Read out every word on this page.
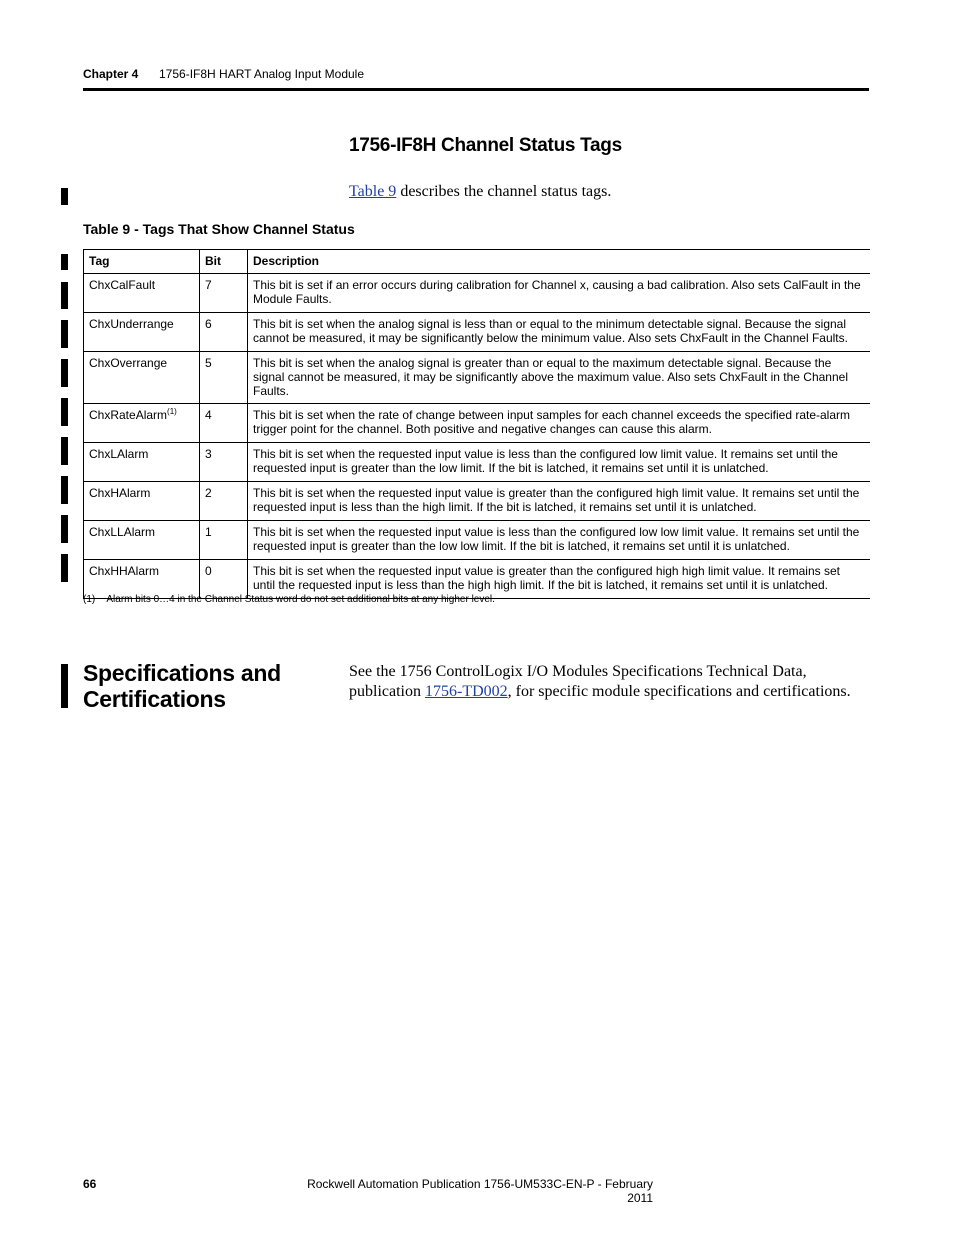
Chapter 4 1756-IF8H HART Analog Input Module
1756-IF8H Channel Status Tags
Table 9 describes the channel status tags.
Table 9 - Tags That Show Channel Status
Tag	Bit	Description
ChxCalFault	7	This bit is set if an error occurs during calibration for Channel x, causing a bad calibration. Also sets CalFault in the Module Faults.
ChxUnderrange	6	This bit is set when the analog signal is less than or equal to the minimum detectable signal. Because the signal cannot be measured, it may be significantly below the minimum value. Also sets ChxFault in the Channel Faults.
ChxOverrange	5	This bit is set when the analog signal is greater than or equal to the maximum detectable signal. Because the signal cannot be measured, it may be significantly above the maximum value. Also sets ChxFault in the Channel Faults.
ChxRateAlarm$^{(1)}$	4	This bit is set when the rate of change between input samples for each channel exceeds the specified rate-alarm trigger point for the channel. Both positive and negative changes can cause this alarm.
ChxLAlarm	3	This bit is set when the requested input value is less than the configured low limit value. It remains set until the requested input is greater than the low limit. If the bit is latched, it remains set until it is unlatched.
ChxHAlarm	2	This bit is set when the requested input value is greater than the configured high limit value. It remains set until the requested input is less than the high limit. If the bit is latched, it remains set until it is unlatched.
ChxLLAlarm	1	This bit is set when the requested input value is less than the configured low low limit value. It remains set until the requested input is greater than the low low limit. If the bit is latched, it remains set until it is unlatched.
ChxHHAlarm	0	This bit is set when the requested input value is greater than the configured high high limit value. It remains set until the requested input is less than the high high limit. If the bit is latched, it remains set until it is unlatched.
(1) Alarm bits 0…4 in the Channel Status word do not set additional bits at any higher level.
Specifications and
Certifications
See the 1756 ControlLogix I/O Modules Specifications Technical Data, publication 1756-TD002, for specific module specifications and certifications.
66	Rockwell Automation Publication 1756-UM533C-EN-P - February 2011
